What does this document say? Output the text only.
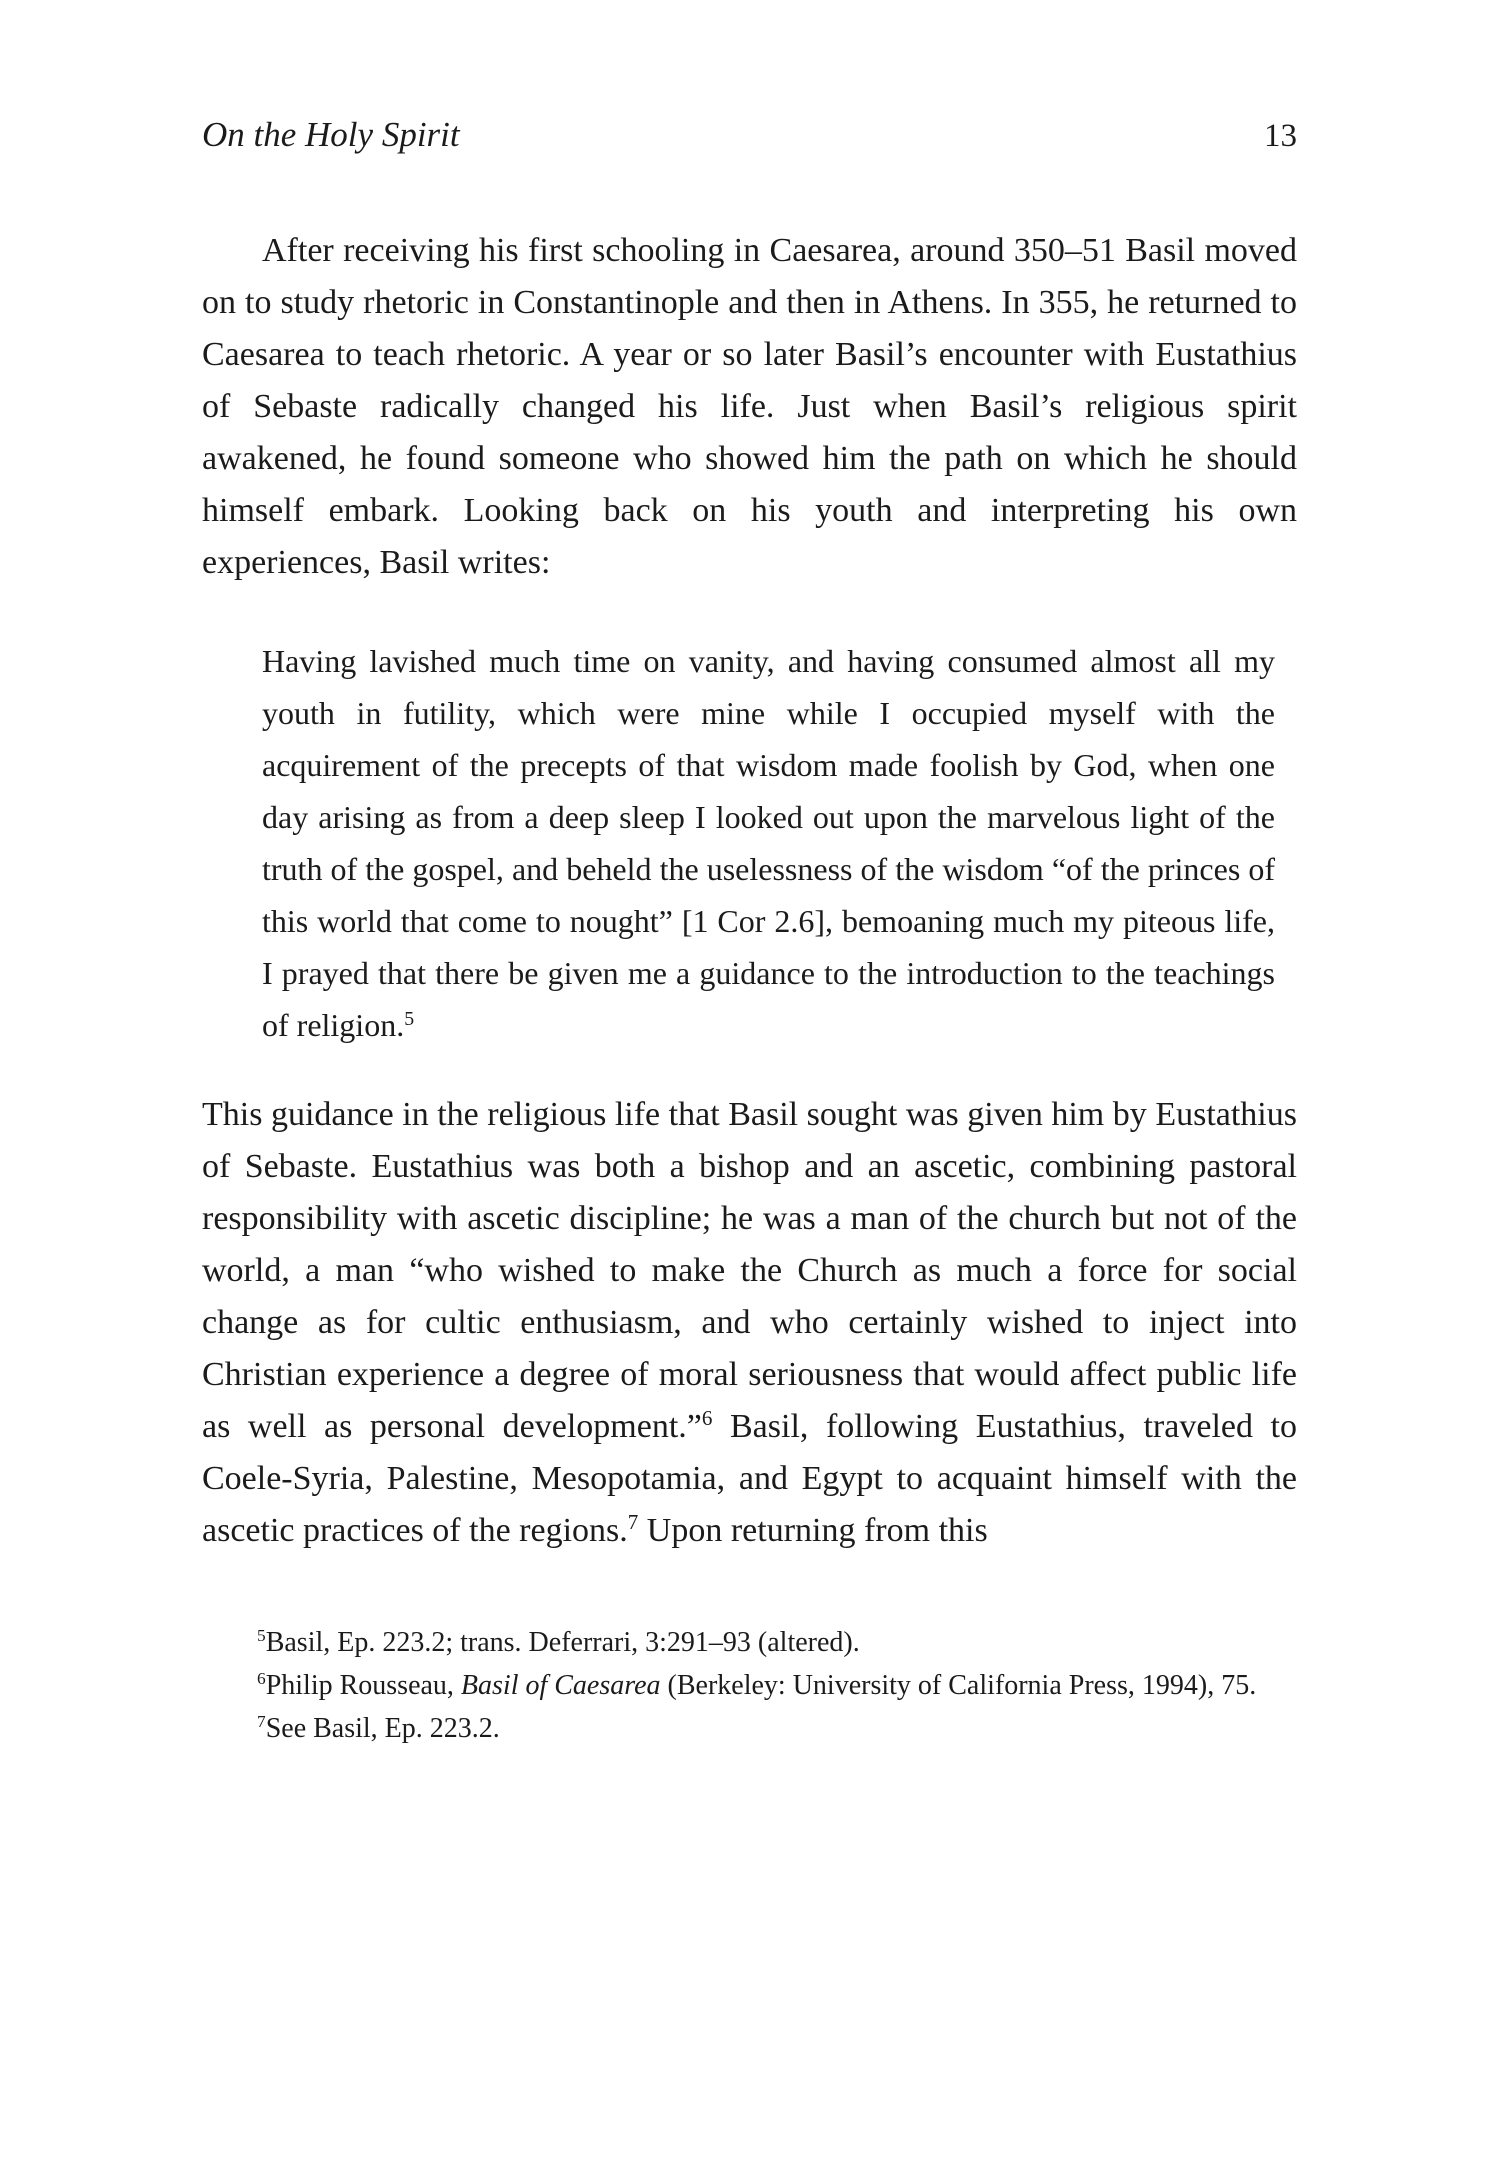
On the Holy Spirit	13

After receiving his first schooling in Caesarea, around 350–51 Basil moved on to study rhetoric in Constantinople and then in Athens. In 355, he returned to Caesarea to teach rhetoric. A year or so later Basil’s encounter with Eustathius of Sebaste radically changed his life. Just when Basil’s religious spirit awakened, he found someone who showed him the path on which he should himself embark. Looking back on his youth and interpreting his own experiences, Basil writes:

Having lavished much time on vanity, and having consumed almost all my youth in futility, which were mine while I occupied myself with the acquirement of the precepts of that wisdom made foolish by God, when one day arising as from a deep sleep I looked out upon the marvelous light of the truth of the gospel, and beheld the uselessness of the wisdom “of the princes of this world that come to nought” [1 Cor 2.6], bemoaning much my piteous life, I prayed that there be given me a guidance to the introduction to the teachings of religion.$^5$

This guidance in the religious life that Basil sought was given him by Eustathius of Sebaste. Eustathius was both a bishop and an ascetic, combining pastoral responsibility with ascetic discipline; he was a man of the church but not of the world, a man “who wished to make the Church as much a force for social change as for cultic enthusiasm, and who certainly wished to inject into Christian experience a degree of moral seriousness that would affect public life as well as personal development.”$^6$ Basil, following Eustathius, traveled to Coele-Syria, Palestine, Mesopotamia, and Egypt to acquaint himself with the ascetic practices of the regions.$^7$ Upon returning from this

$^5$Basil, Ep. 223.2; trans. Deferrari, 3:291–93 (altered).

$^6$Philip Rousseau, Basil of Caesarea (Berkeley: University of California Press, 1994), 75.

$^7$See Basil, Ep. 223.2.
